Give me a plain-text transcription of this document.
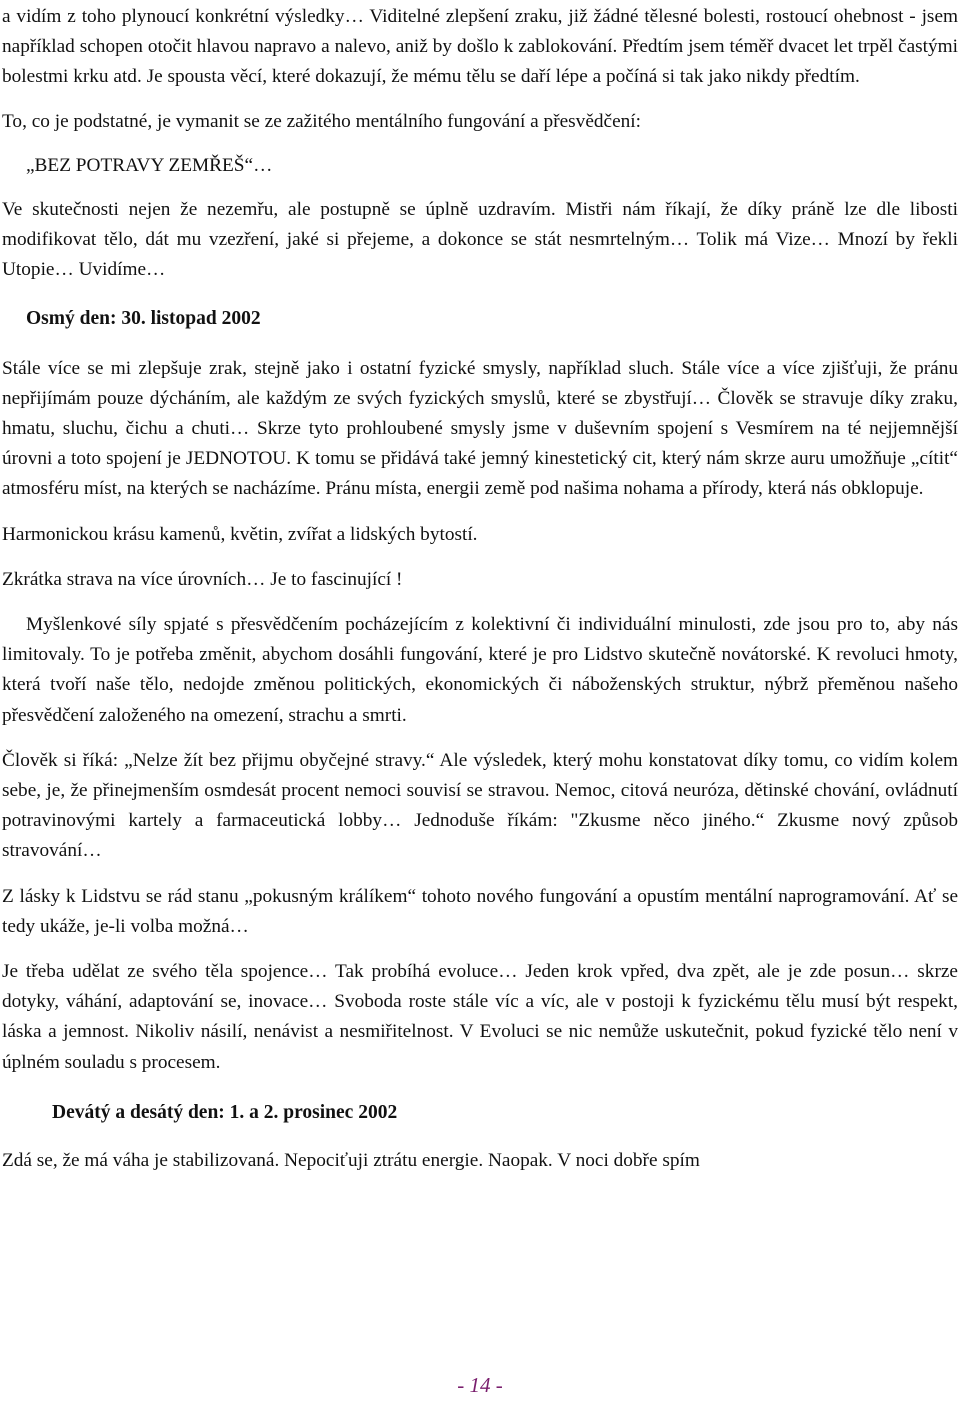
a vidím z toho plynoucí konkrétní výsledky… Viditelné zlepšení zraku, již žádné tělesné bolesti, rostoucí ohebnost - jsem například schopen otočit hlavou napravo a nalevo, aniž by došlo k zablokování. Předtím jsem téměř dvacet let trpěl častými bolestmi krku atd. Je spousta věcí, které dokazují, že mému tělu se daří lépe a počíná si tak jako nikdy předtím.

To, co je podstatné, je vymanit se ze zažitého mentálního fungování a přesvědčení:

„BEZ POTRAVY ZEMŘEŠ“…

Ve skutečnosti nejen že nezemřu, ale postupně se úplně uzdravím. Mistři nám říkají, že díky práně lze dle libosti modifikovat tělo, dát mu vzezření, jaké si přejeme, a dokonce se stát nesmrtelným… Tolik má Vize… Mnozí by řekli Utopie… Uvidíme…

Osmý den: 30. listopad 2002

Stále více se mi zlepšuje zrak, stejně jako i ostatní fyzické smysly, například sluch. Stále více a více zjišťuji, že pránu nepřijímám pouze dýcháním, ale každým ze svých fyzických smyslů, které se zbystřují… Člověk se stravuje díky zraku, hmatu, sluchu, čichu a chuti… Skrze tyto prohloubené smysly jsme v duševním spojení s Vesmírem na té nejjemnější úrovni a toto spojení je JEDNOTOU. K tomu se přidává také jemný kinestetický cit, který nám skrze auru umožňuje „cítit“ atmosféru míst, na kterých se nacházíme. Pránu místa, energii země pod našima nohama a přírody, která nás obklopuje.

Harmonickou krásu kamenů, květin, zvířat a lidských bytostí.

Zkrátka strava na více úrovních… Je to fascinující !

Myšlenkové síly spjaté s přesvědčením pocházejícím z kolektivní či individuální minulosti, zde jsou pro to, aby nás limitovaly. To je potřeba změnit, abychom dosáhli fungování, které je pro Lidstvo skutečně novátorské. K revoluci hmoty, která tvoří naše tělo, nedojde změnou politických, ekonomických či náboženských struktur, nýbrž přeměnou našeho přesvědčení založeného na omezení, strachu a smrti.

Člověk si říká: „Nelze žít bez přijmu obyčejné stravy.“ Ale výsledek, který mohu konstatovat díky tomu, co vidím kolem sebe, je, že přinejmenším osmdesát procent nemoci souvisí se stravou. Nemoc, citová neuróza, dětinské chování, ovládnutí potravinovými kartely a farmaceutická lobby… Jednoduše říkám: "Zkusme něco jiného.“ Zkusme nový způsob stravování…

Z lásky k Lidstvu se rád stanu „pokusným králíkem“ tohoto nového fungování a opustím mentální naprogramování. Ať se tedy ukáže, je-li volba možná…

Je třeba udělat ze svého těla spojence… Tak probíhá evoluce… Jeden krok vpřed, dva zpět, ale je zde posun… skrze dotyky, váhání, adaptování se, inovace… Svoboda roste stále víc a víc, ale v postoji k fyzickému tělu musí být respekt, láska a jemnost. Nikoliv násilí, nenávist a nesmiřitelnost. V Evoluci se nic nemůže uskutečnit, pokud fyzické tělo není v úplném souladu s procesem.

Devátý a desátý den: 1. a 2. prosinec 2002

Zdá se, že má váha je stabilizovaná. Nepociťuji ztrátu energie. Naopak. V noci dobře spím

- 14 -
